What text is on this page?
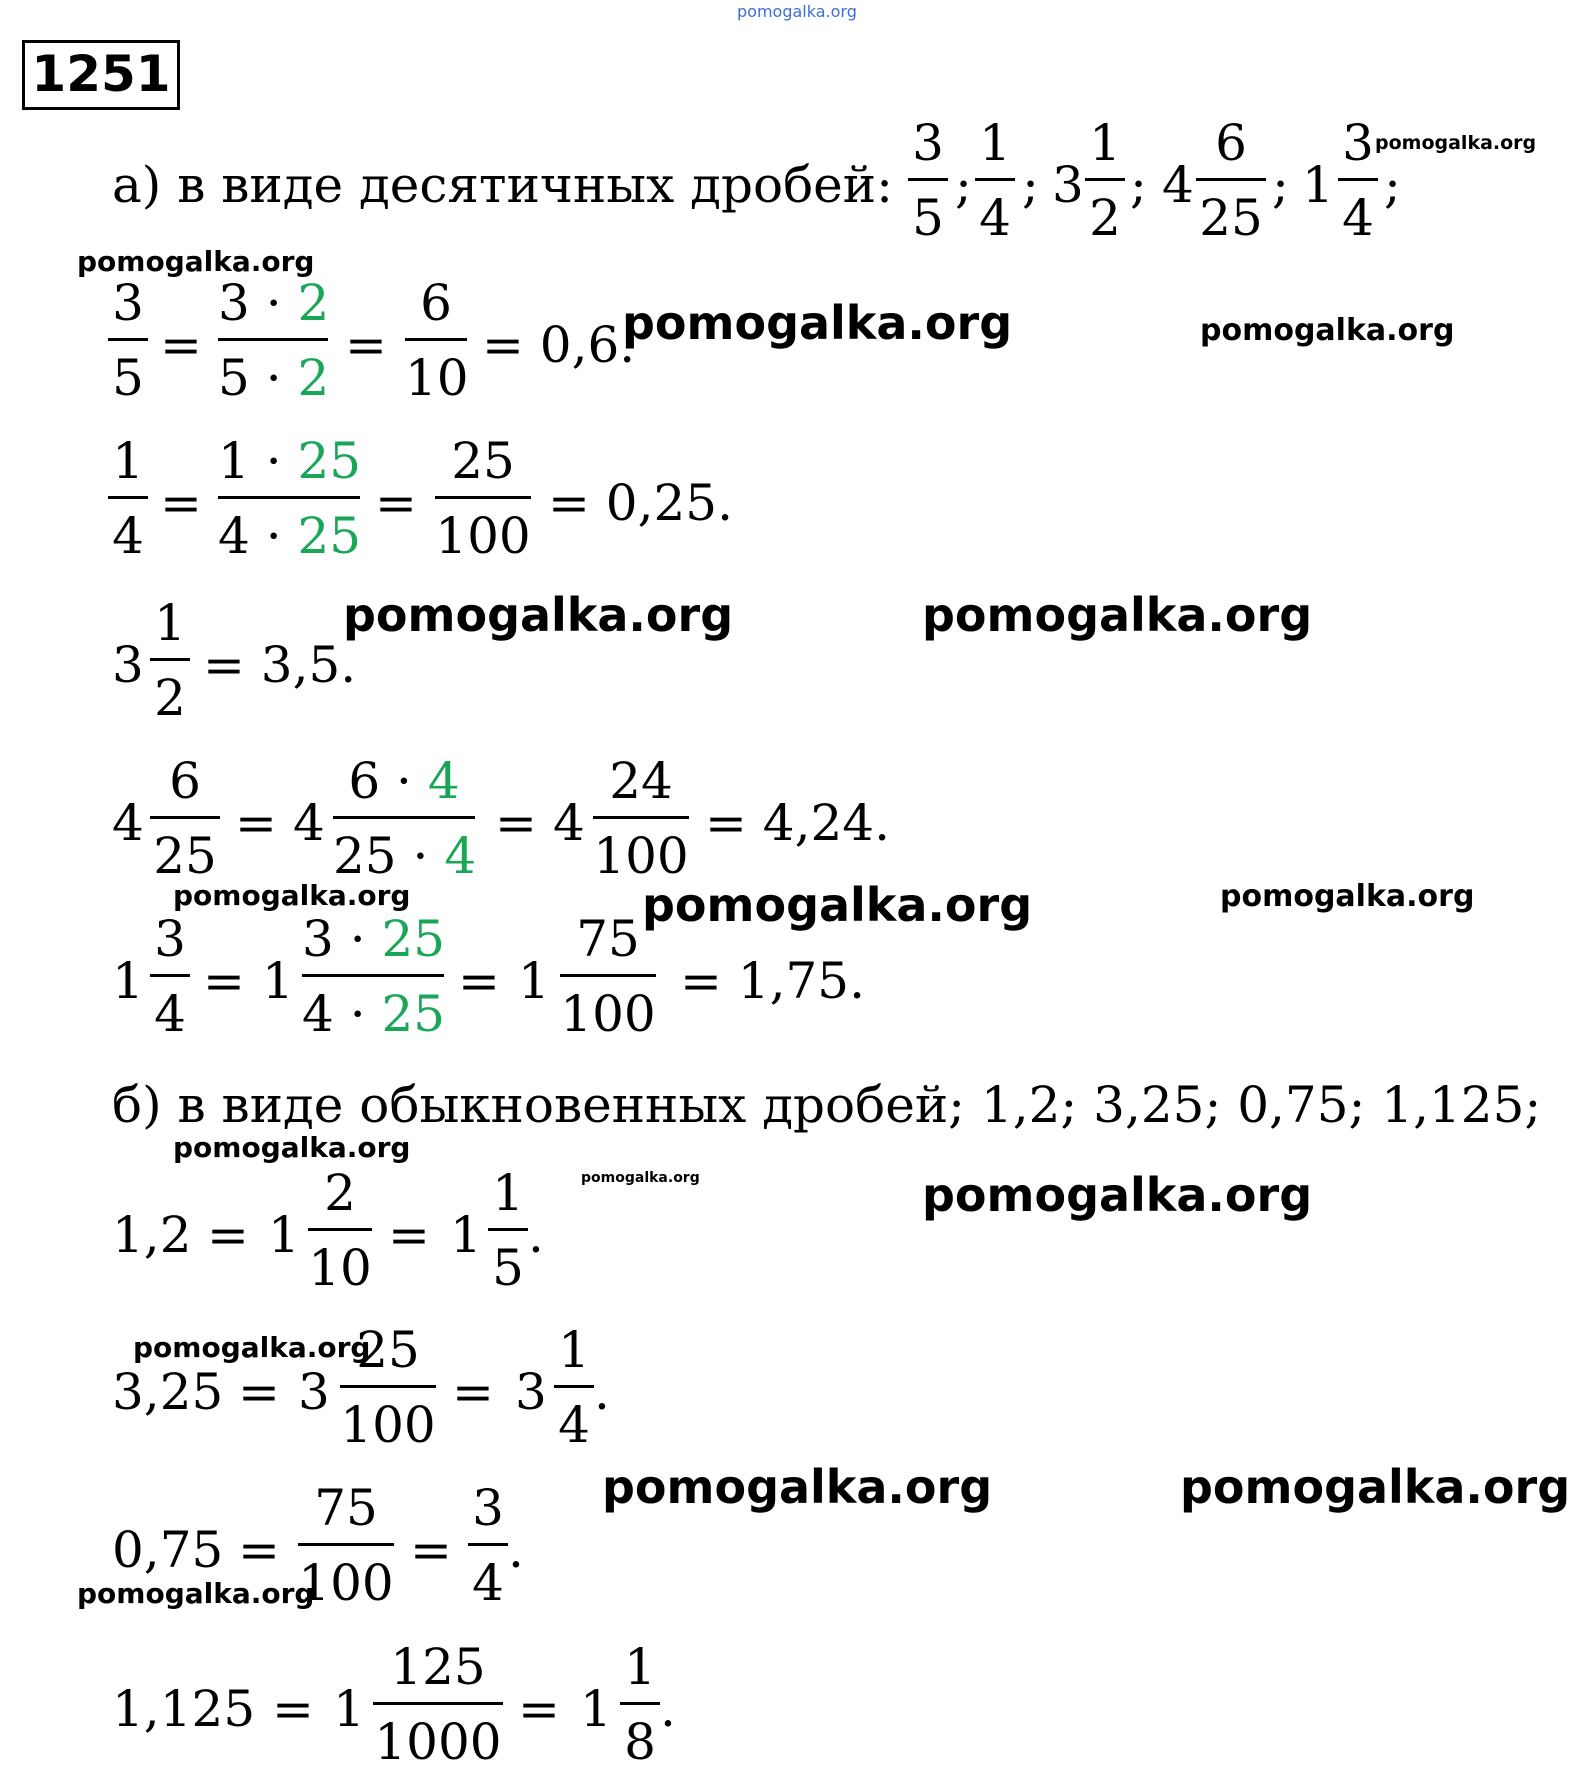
pomogalka.org
1251
а) в виде десятичных дробей:
3
5
;
1
4
; 3
1
2
; 4
6
25
; 1
3
4
;
3
5
=
3 · 2
5 · 2
=
6
10
= 0,6.
1
4
=
1 · 25
4 · 25
=
25
100
= 0,25.
3
1
2
= 3,5.
4
6
25
= 4
6 · 4
25 · 4
= 4
24
100
= 4,24.
1
3
4
= 1
3 · 25
4 · 25
= 1
75
100
= 1,75.
б) в виде обыкновенных дробей; 1,2; 3,25; 0,75; 1,125;
1,2 = 1
2
10
= 1
1
5
.
3,25 = 3
25
100
= 3
1
4
.
0,75 =
75
100
=
3
4
.
1,125 = 1
125
1000
= 1
1
8
.
pomogalka.org
pomogalka.org
pomogalka.org	pomogalka.org
pomogalka.org	pomogalka.org
pomogalka.org	pomogalka.org	pomogalka.org
pomogalka.org
pomogalka.org	pomogalka.org
pomogalka.org
pomogalka.org	pomogalka.org
pomogalka.org
